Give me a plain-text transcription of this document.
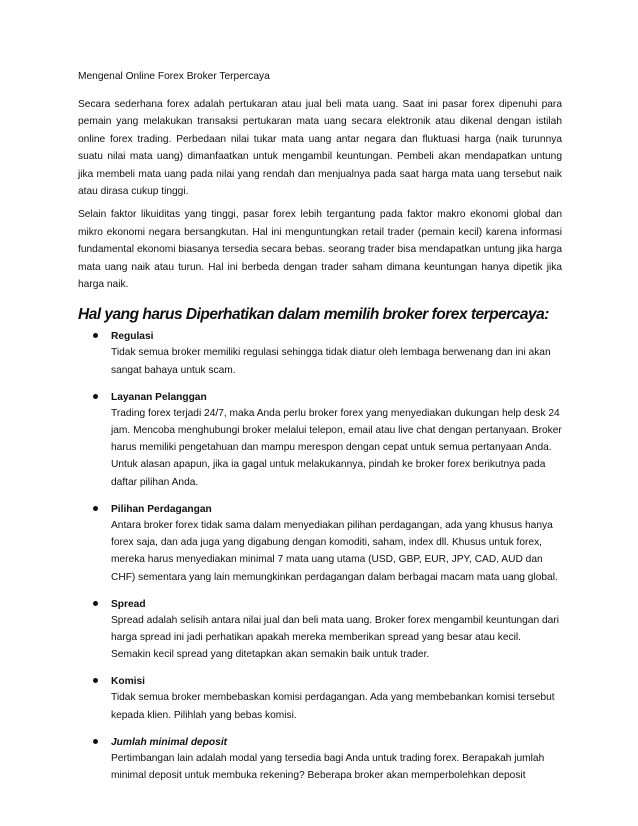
Mengenal Online Forex Broker Terpercaya

Secara sederhana forex adalah pertukaran atau jual beli mata uang. Saat ini pasar forex dipenuhi para pemain yang melakukan transaksi pertukaran mata uang secara elektronik atau dikenal dengan istilah online forex trading. Perbedaan nilai tukar mata uang antar negara dan fluktuasi harga (naik turunnya suatu nilai mata uang) dimanfaatkan untuk mengambil keuntungan. Pembeli akan mendapatkan untung jika membeli mata uang pada nilai yang rendah dan menjualnya pada saat harga mata uang tersebut naik atau dirasa cukup tinggi.

Selain faktor likuiditas yang tinggi, pasar forex lebih tergantung pada faktor makro ekonomi global dan mikro ekonomi negara bersangkutan. Hal ini menguntungkan retail trader (pemain kecil) karena informasi fundamental ekonomi biasanya tersedia secara bebas. seorang trader bisa mendapatkan untung jika harga mata uang naik atau turun. Hal ini berbeda dengan trader saham dimana keuntungan hanya dipetik jika harga naik.

Hal yang harus Diperhatikan dalam memilih broker forex terpercaya:
Regulasi
Tidak semua broker memiliki regulasi sehingga tidak diatur oleh lembaga berwenang dan ini akan sangat bahaya untuk scam.
Layanan Pelanggan
Trading forex terjadi 24/7, maka Anda perlu broker forex yang menyediakan dukungan help desk 24 jam. Mencoba menghubungi broker melalui telepon, email atau live chat dengan pertanyaan. Broker harus memiliki pengetahuan dan mampu merespon dengan cepat untuk semua pertanyaan Anda. Untuk alasan apapun, jika ia gagal untuk melakukannya, pindah ke broker forex berikutnya pada daftar pilihan Anda.
Pilihan Perdagangan
Antara broker forex tidak sama dalam menyediakan pilihan perdagangan, ada yang khusus hanya forex saja, dan ada juga yang digabung dengan komoditi, saham, index dll. Khusus untuk forex, mereka harus menyediakan minimal 7 mata uang utama (USD, GBP, EUR, JPY, CAD, AUD dan CHF) sementara yang lain memungkinkan perdagangan dalam berbagai macam mata uang global.
Spread
Spread adalah selisih antara nilai jual dan beli mata uang. Broker forex mengambil keuntungan dari harga spread ini jadi perhatikan apakah mereka memberikan spread yang besar atau kecil. Semakin kecil spread yang ditetapkan akan semakin baik untuk trader.
Komisi
Tidak semua broker membebaskan komisi perdagangan. Ada yang membebankan komisi tersebut kepada klien. Pilihlah yang bebas komisi.
Jumlah minimal deposit
Pertimbangan lain adalah modal yang tersedia bagi Anda untuk trading forex. Berapakah jumlah minimal deposit untuk membuka rekening? Beberapa broker akan memperbolehkan deposit
